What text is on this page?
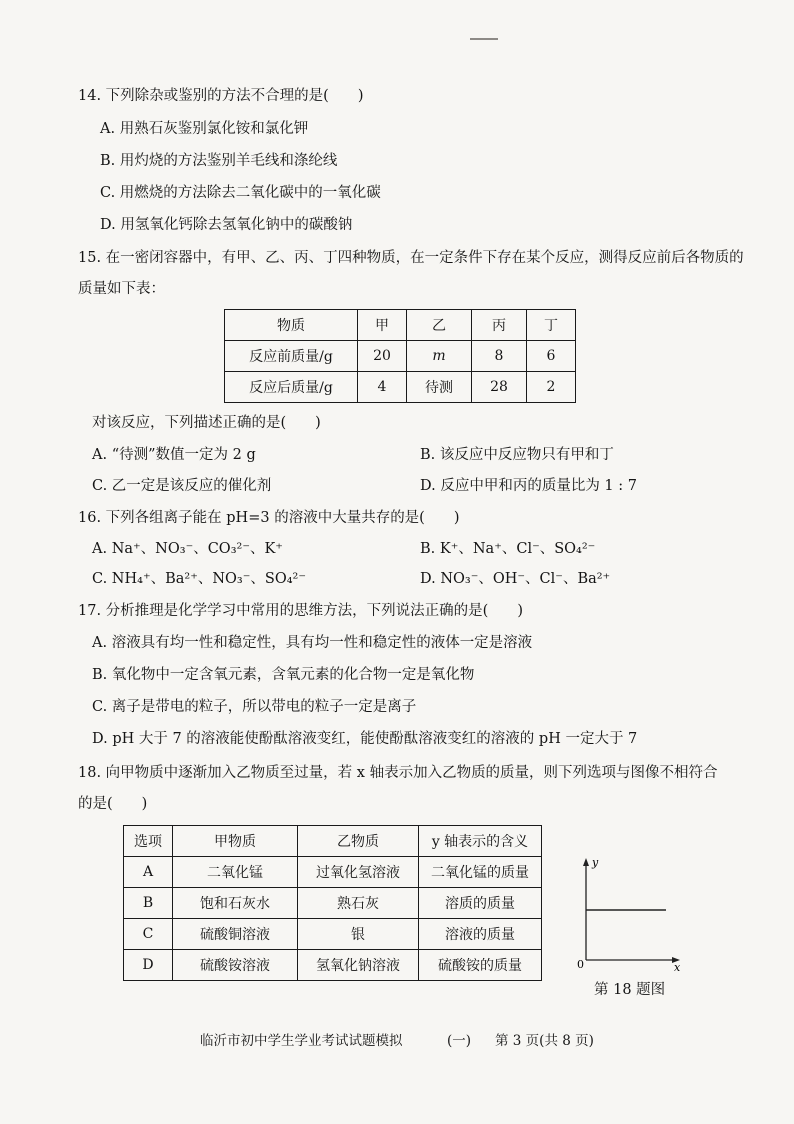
14. 下列除杂或鉴别的方法不合理的是(　　)
A. 用熟石灰鉴别氯化铵和氯化钾
B. 用灼烧的方法鉴别羊毛线和涤纶线
C. 用燃烧的方法除去二氧化碳中的一氧化碳
D. 用氢氧化钙除去氢氧化钠中的碳酸钠
15. 在一密闭容器中，有甲、乙、丙、丁四种物质，在一定条件下存在某个反应，测得反应前后各物质的
质量如下表：
物质	甲	乙	丙	丁
反应前质量/g	20	m	8	6
反应后质量/g	4	待测	28	2
对该反应，下列描述正确的是(　　)
A. “待测”数值一定为 2 g	B. 该反应中反应物只有甲和丁
C. 乙一定是该反应的催化剂	D. 反应中甲和丙的质量比为 1 : 7
16. 下列各组离子能在 pH=3 的溶液中大量共存的是(　　)
A. Na⁺、NO₃⁻、CO₃²⁻、K⁺	B. K⁺、Na⁺、Cl⁻、SO₄²⁻
C. NH₄⁺、Ba²⁺、NO₃⁻、SO₄²⁻	D. NO₃⁻、OH⁻、Cl⁻、Ba²⁺
17. 分析推理是化学学习中常用的思维方法，下列说法正确的是(　　)
A. 溶液具有均一性和稳定性，具有均一性和稳定性的液体一定是溶液
B. 氧化物中一定含氧元素，含氧元素的化合物一定是氧化物
C. 离子是带电的粒子，所以带电的粒子一定是离子
D. pH 大于 7 的溶液能使酚酞溶液变红，能使酚酞溶液变红的溶液的 pH 一定大于 7
18. 向甲物质中逐渐加入乙物质至过量，若 x 轴表示加入乙物质的质量，则下列选项与图像不相符合
的是(　　)
选项	甲物质	乙物质	y 轴表示的含义
A	二氧化锰	过氧化氢溶液	二氧化锰的质量
B	饱和石灰水	熟石灰	溶质的质量
C	硫酸铜溶液	银	溶液的质量
D	硫酸铵溶液	氢氧化钠溶液	硫酸铵的质量
y
0	x
第 18 题图
临沂市初中学生学业考试试题模拟	(一) 第 3 页(共 8 页)
